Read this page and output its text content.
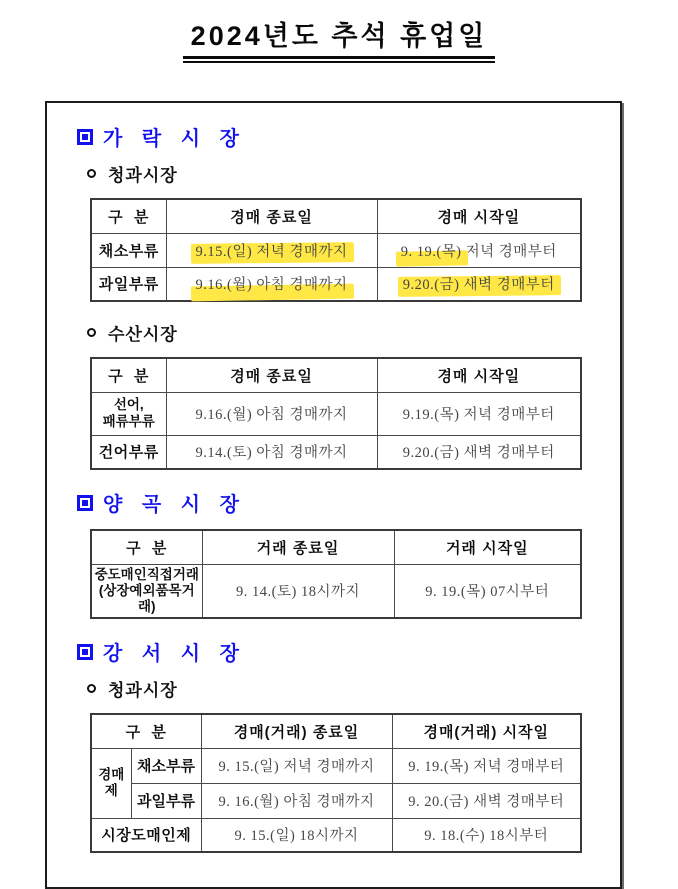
2024년도 추석 휴업일
가 락 시 장
청과시장
구  분	경매 종료일	경매 시작일
채소부류	9.15.(일) 저녁 경매까지	9. 19.(목) 저녁 경매부터
과일부류	9.16.(월) 아침 경매까지	9.20.(금) 새벽 경매부터
수산시장
구  분	경매 종료일	경매 시작일

선어,
패류부류	9.16.(월) 아침 경매까지	9.19.(목) 저녁 경매부터
건어부류	9.14.(토) 아침 경매까지	9.20.(금) 새벽 경매부터
양 곡 시 장
구  분	거래 종료일	거래 시작일

중도매인직접거래
(상장예외품목거래)	9. 14.(토) 18시까지	9. 19.(목) 07시부터
강 서 시 장
청과시장
구  분		경매(거래) 종료일	경매(거래) 시작일

경매
제	채소부류	9. 15.(일) 저녁 경매까지	9. 19.(목) 저녁 경매부터
	과일부류	9. 16.(월) 아침 경매까지	9. 20.(금) 새벽 경매부터
시장도매인제		9. 15.(일) 18시까지	9. 18.(수) 18시부터
